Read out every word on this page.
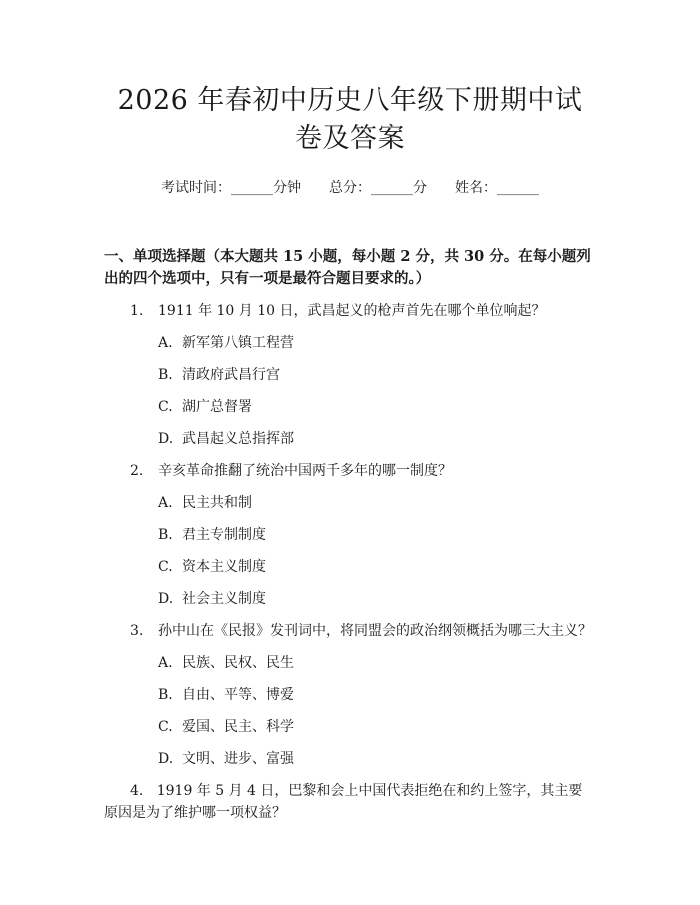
2026 年春初中历史八年级下册期中试卷及答案
考试时间：______分钟 总分：______分 姓名：______
一、单项选择题（本大题共 15 小题，每小题 2 分，共 30 分。在每小题列出的四个选项中，只有一项是最符合题目要求的。）
1.	1911 年 10 月 10 日，武昌起义的枪声首先在哪个单位响起？
A. 新军第八镇工程营
B. 清政府武昌行宫
C. 湖广总督署
D. 武昌起义总指挥部
2.	辛亥革命推翻了统治中国两千多年的哪一制度？
A. 民主共和制
B. 君主专制制度
C. 资本主义制度
D. 社会主义制度
3.	孙中山在《民报》发刊词中，将同盟会的政治纲领概括为哪三大主义？
A. 民族、民权、民生
B. 自由、平等、博爱
C. 爱国、民主、科学
D. 文明、进步、富强
4. 1919 年 5 月 4 日，巴黎和会上中国代表拒绝在和约上签字，其主要原因是为了维护哪一项权益？
